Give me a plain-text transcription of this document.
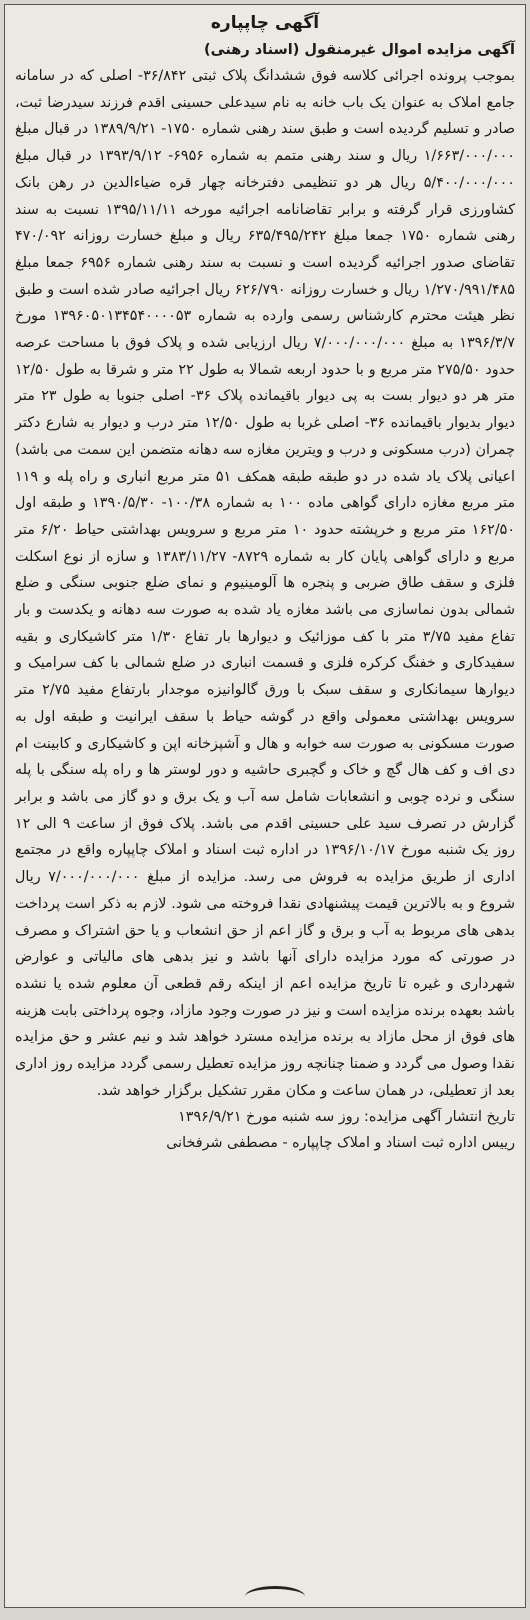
آگهی چاپپاره

آگهی مزایده اموال غیرمنقول (اسناد رهنی)

بموجب پرونده اجرائی کلاسه فوق ششدانگ پلاک ثبتی ۳۶/۸۴۲- اصلی که در سامانه جامع املاک به عنوان یک باب خانه به نام سیدعلی حسینی اقدم فرزند سیدرضا ثبت، صادر و تسلیم گردیده است و طبق سند رهنی شماره ۱۷۵۰- ۱۳۸۹/۹/۲۱ در قبال مبلغ ۱/۶۶۳/۰۰۰/۰۰۰ ریال و سند رهنی متمم به شماره ۶۹۵۶- ۱۳۹۳/۹/۱۲ در قبال مبلغ ۵/۴۰۰/۰۰۰/۰۰۰ ریال هر دو تنظیمی دفترخانه چهار قره ضیاءالدین در رهن بانک کشاورزی قرار گرفته و برابر تقاضانامه اجرائیه مورخه ۱۳۹۵/۱۱/۱۱ نسبت به سند رهنی شماره ۱۷۵۰ جمعا مبلغ ۶۳۵/۴۹۵/۲۴۲ ریال و مبلغ خسارت روزانه ۴۷۰/۰۹۲ تقاضای صدور اجرائیه گردیده است و نسبت به سند رهنی شماره ۶۹۵۶ جمعا مبلغ ۱/۲۷۰/۹۹۱/۴۸۵ ریال و خسارت روزانه ۶۲۶/۷۹۰ ریال اجرائیه صادر شده است و طبق نظر هیئت محترم کارشناس رسمی وارده به شماره ۱۳۹۶۰۵۰۱۳۴۵۴۰۰۰۰۵۳ مورخ ۱۳۹۶/۳/۷ به مبلغ ۷/۰۰۰/۰۰۰/۰۰۰ ریال ارزیابی شده و پلاک فوق با مساحت عرصه حدود ۲۷۵/۵۰ متر مربع و با حدود اربعه شمالا به طول ۲۲ متر و شرقا به طول ۱۲/۵۰ متر هر دو دیوار بست به پی دیوار باقیمانده پلاک ۳۶- اصلی جنوبا به طول ۲۳ متر دیوار بدیوار باقیمانده ۳۶- اصلی غربا به طول ۱۲/۵۰ متر درب و دیوار به شارع دکتر چمران (درب مسکونی و درب و ویترین مغازه سه دهانه متضمن این سمت می باشد) اعیانی پلاک یاد شده در دو طبقه طبقه همکف ۵۱ متر مربع انباری و راه پله و ۱۱۹ متر مربع مغازه دارای گواهی ماده ۱۰۰ به شماره ۱۰۰/۳۸- ۱۳۹۰/۵/۳۰ و طبقه اول ۱۶۲/۵۰ متر مربع و خرپشته حدود ۱۰ متر مربع و سرویس بهداشتی حیاط ۶/۲۰ متر مربع و دارای گواهی پایان کار به شماره ۸۷۲۹- ۱۳۸۳/۱۱/۲۷ و سازه از نوع اسکلت فلزی و سقف طاق ضربی و پنجره ها آلومینیوم و نمای ضلع جنوبی سنگی و ضلع شمالی بدون نماسازی می باشد مغازه یاد شده به صورت سه دهانه و یکدست و بار تفاع مفید ۳/۷۵ متر با کف موزائیک و دیوارها بار تفاع ۱/۳۰ متر کاشیکاری و بقیه سفیدکاری و خفنگ کرکره فلزی و قسمت انباری در ضلع شمالی با کف سرامیک و دیوارها سیمانکاری و سقف سبک با ورق گالوانیزه موجدار بارتفاع مفید ۲/۷۵ متر سرویس بهداشتی معمولی واقع در گوشه حیاط با سقف ایرانیت و طبقه اول به صورت مسکونی به صورت سه خوابه و هال و آشپزخانه اپن و کاشیکاری و کابینت ام دی اف و کف هال گچ و خاک و گچبری حاشیه و دور لوستر ها و راه پله سنگی با پله سنگی و نرده چوبی و انشعابات شامل سه آب و یک برق و دو گاز می باشد و برابر گزارش در تصرف سید علی حسینی اقدم می باشد. پلاک فوق از ساعت ۹ الی ۱۲ روز یک شنبه مورخ ۱۳۹۶/۱۰/۱۷ در اداره ثبت اسناد و املاک چاپپاره واقع در مجتمع اداری از طریق مزایده به فروش می رسد. مزایده از مبلغ ۷/۰۰۰/۰۰۰/۰۰۰ ریال شروع و به بالاترین قیمت پیشنهادی نقدا فروخته می شود. لازم به ذکر است پرداخت بدهی های مربوط به آب و برق و گاز اعم از حق انشعاب و یا حق اشتراک و مصرف در صورتی که مورد مزایده دارای آنها باشد و نیز بدهی های مالیاتی و عوارض شهرداری و غیره تا تاریخ مزایده اعم از اینکه رقم قطعی آن معلوم شده یا نشده باشد بعهده برنده مزایده است و نیز در صورت وجود مازاد، وجوه پرداختی بابت هزینه های فوق از محل مازاد به برنده مزایده مسترد خواهد شد و نیم عشر و حق مزایده نقدا وصول می گردد و ضمنا چنانچه روز مزایده تعطیل رسمی گردد مزایده روز اداری بعد از تعطیلی، در همان ساعت و مکان مقرر تشکیل برگزار خواهد شد.

تاریخ انتشار آگهی مزایده: روز سه شنبه مورخ ۱۳۹۶/۹/۲۱

رییس اداره ثبت اسناد و املاک چاپپاره - مصطفی شرفخانی
